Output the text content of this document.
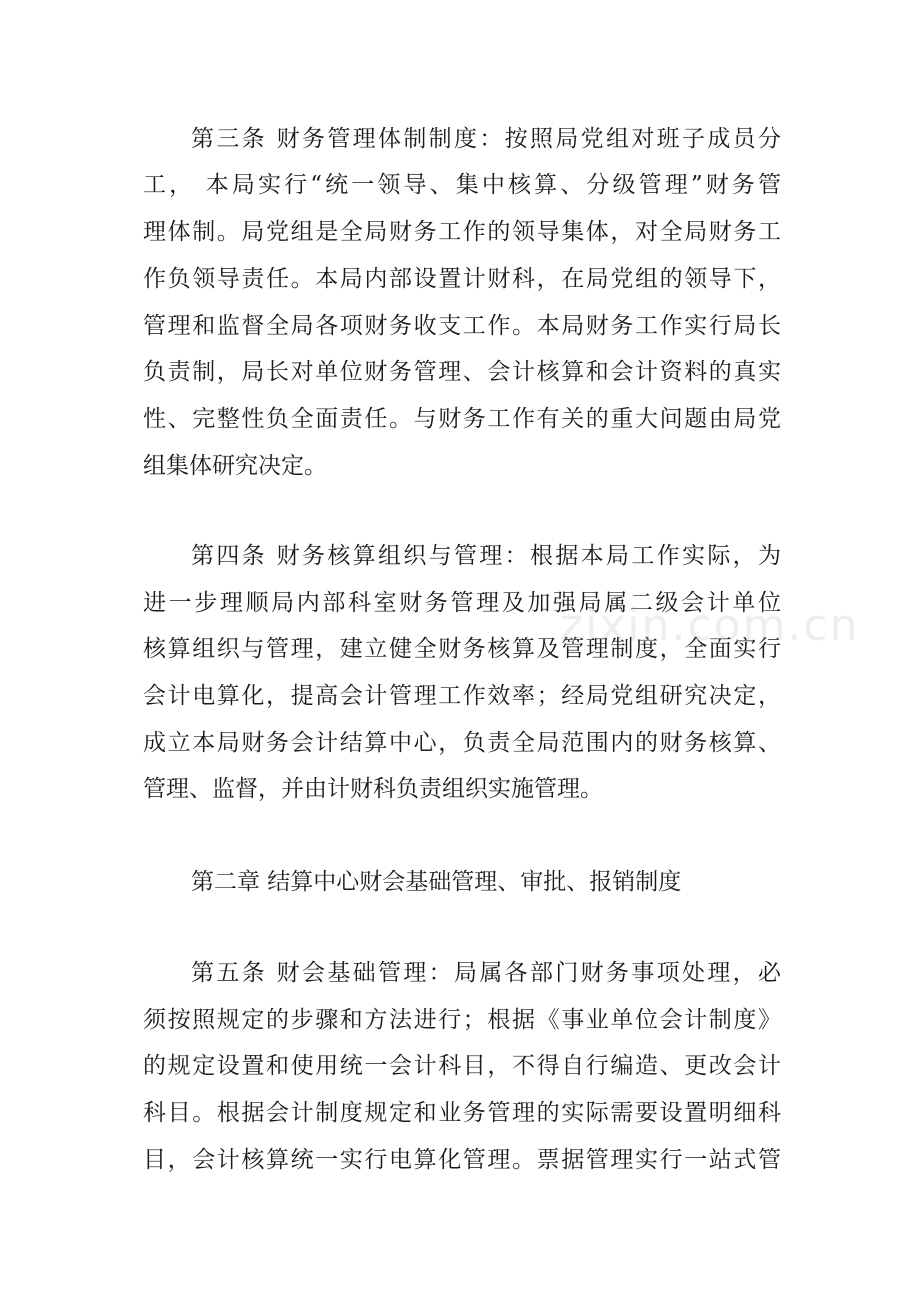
第三条 财务管理体制制度：按照局党组对班子成员分
工， 本局实行“统一领导、集中核算、分级管理”财务管
理体制。局党组是全局财务工作的领导集体，对全局财务工
作负领导责任。本局内部设置计财科，在局党组的领导下，
管理和监督全局各项财务收支工作。本局财务工作实行局长
负责制，局长对单位财务管理、会计核算和会计资料的真实
性、完整性负全面责任。与财务工作有关的重大问题由局党
组集体研究决定。
第四条 财务核算组织与管理：根据本局工作实际，为
进一步理顺局内部科室财务管理及加强局属二级会计单位
核算组织与管理，建立健全财务核算及管理制度，全面实行
会计电算化，提高会计管理工作效率；经局党组研究决定，
成立本局财务会计结算中心，负责全局范围内的财务核算、
管理、监督，并由计财科负责组织实施管理。
第二章 结算中心财会基础管理、审批、报销制度
第五条 财会基础管理：局属各部门财务事项处理，必
须按照规定的步骤和方法进行；根据《事业单位会计制度》
的规定设置和使用统一会计科目，不得自行编造、更改会计
科目。根据会计制度规定和业务管理的实际需要设置明细科
目，会计核算统一实行电算化管理。票据管理实行一站式管
zixin.com.cn
